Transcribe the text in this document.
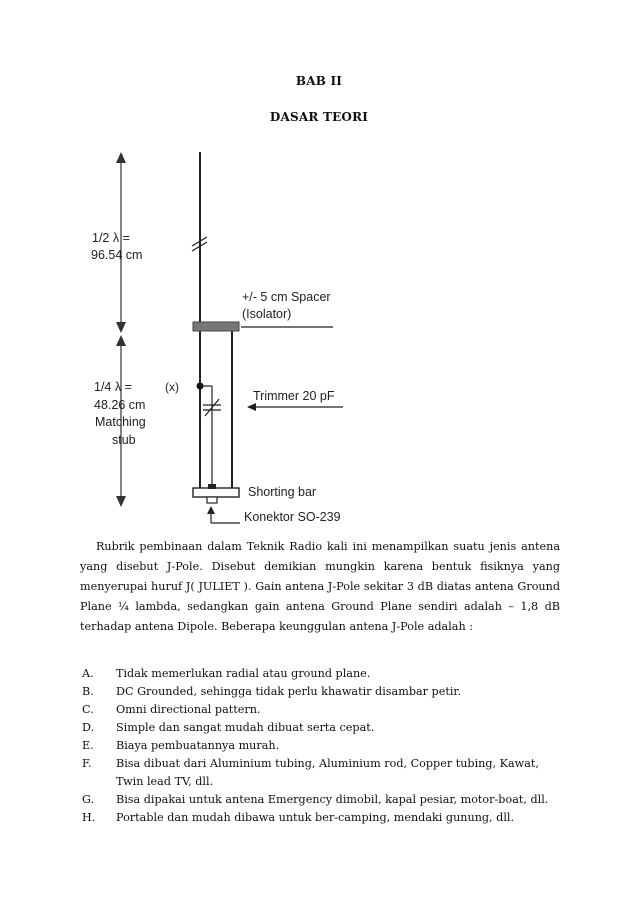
BAB II
DASAR TEORI
1/2 λ =
96.54 cm
1/4 λ =
48.26 cm
Matching
stub
(x)
+/- 5 cm Spacer
(Isolator)
Trimmer 20 pF
Shorting bar
Konektor SO-239
Rubrik pembinaan dalam Teknik Radio kali ini menampilkan suatu jenis antena yang disebut J-Pole. Disebut demikian mungkin karena bentuk fisiknya yang menyerupai huruf J( JULIET ). Gain antena J-Pole sekitar 3 dB diatas antena Ground Plane ¼ lambda, sedangkan gain antena Ground Plane sendiri adalah – 1,8 dB terhadap antena Dipole. Beberapa keunggulan antena J-Pole adalah :
A.	Tidak memerlukan radial atau ground plane.
B.	DC Grounded, sehingga tidak perlu khawatir disambar petir.
C.	Omni directional pattern.
D.	Simple dan sangat mudah dibuat serta cepat.
E.	Biaya pembuatannya murah.
F.	Bisa dibuat dari Aluminium tubing, Aluminium rod, Copper tubing, Kawat, Twin lead TV, dll.
G.	Bisa dipakai untuk antena Emergency dimobil, kapal pesiar, motor-boat, dll.
H.	Portable dan mudah dibawa untuk ber-camping, mendaki gunung, dll.
